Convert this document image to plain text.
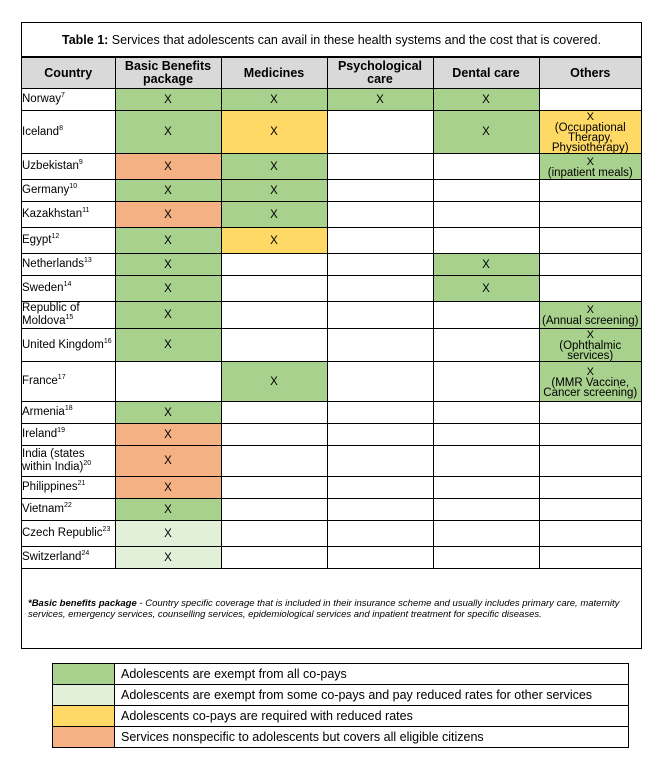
Table 1: Services that adolescents can avail in these health systems and the cost that is covered.
Country	Basic Benefits package	Medicines	Psychological care	Dental care	Others
Norway$^7$	X	X	X	X	

Iceland$^8$	X	X		X	X
(Occupational Therapy, Physiotherapy)
Uzbekistan$^9$	X	X			X
(inpatient meals)
Germany$^{10}$	X	X			

Kazakhstan$^{11}$	X	X			

Egypt$^{12}$	X	X			

Netherlands$^{13}$	X			X	

Sweden$^{14}$	X			X	

Republic of Moldova$^{15}$	X				X
(Annual screening)
United Kingdom$^{16}$	X				X
(Ophthalmic services)
France$^{17}$		X			X
(MMR Vaccine, Cancer screening)
Armenia$^{18}$	X				

Ireland$^{19}$	X				

India (states within India)$^{20}$	X				

Philippines$^{21}$	X				

Vietnam$^{22}$	X				

Czech Republic$^{23}$	X				

Switzerland$^{24}$	X				
*Basic benefits package - Country specific coverage that is included in their insurance scheme and usually includes primary care, maternity services, emergency services, counselling services, epidemiological services and inpatient treatment for specific diseases.
	Adolescents are exempt from all co-pays
	Adolescents are exempt from some co-pays and pay reduced rates for other services
	Adolescents co-pays are required with reduced rates
	Services nonspecific to adolescents but covers all eligible citizens
